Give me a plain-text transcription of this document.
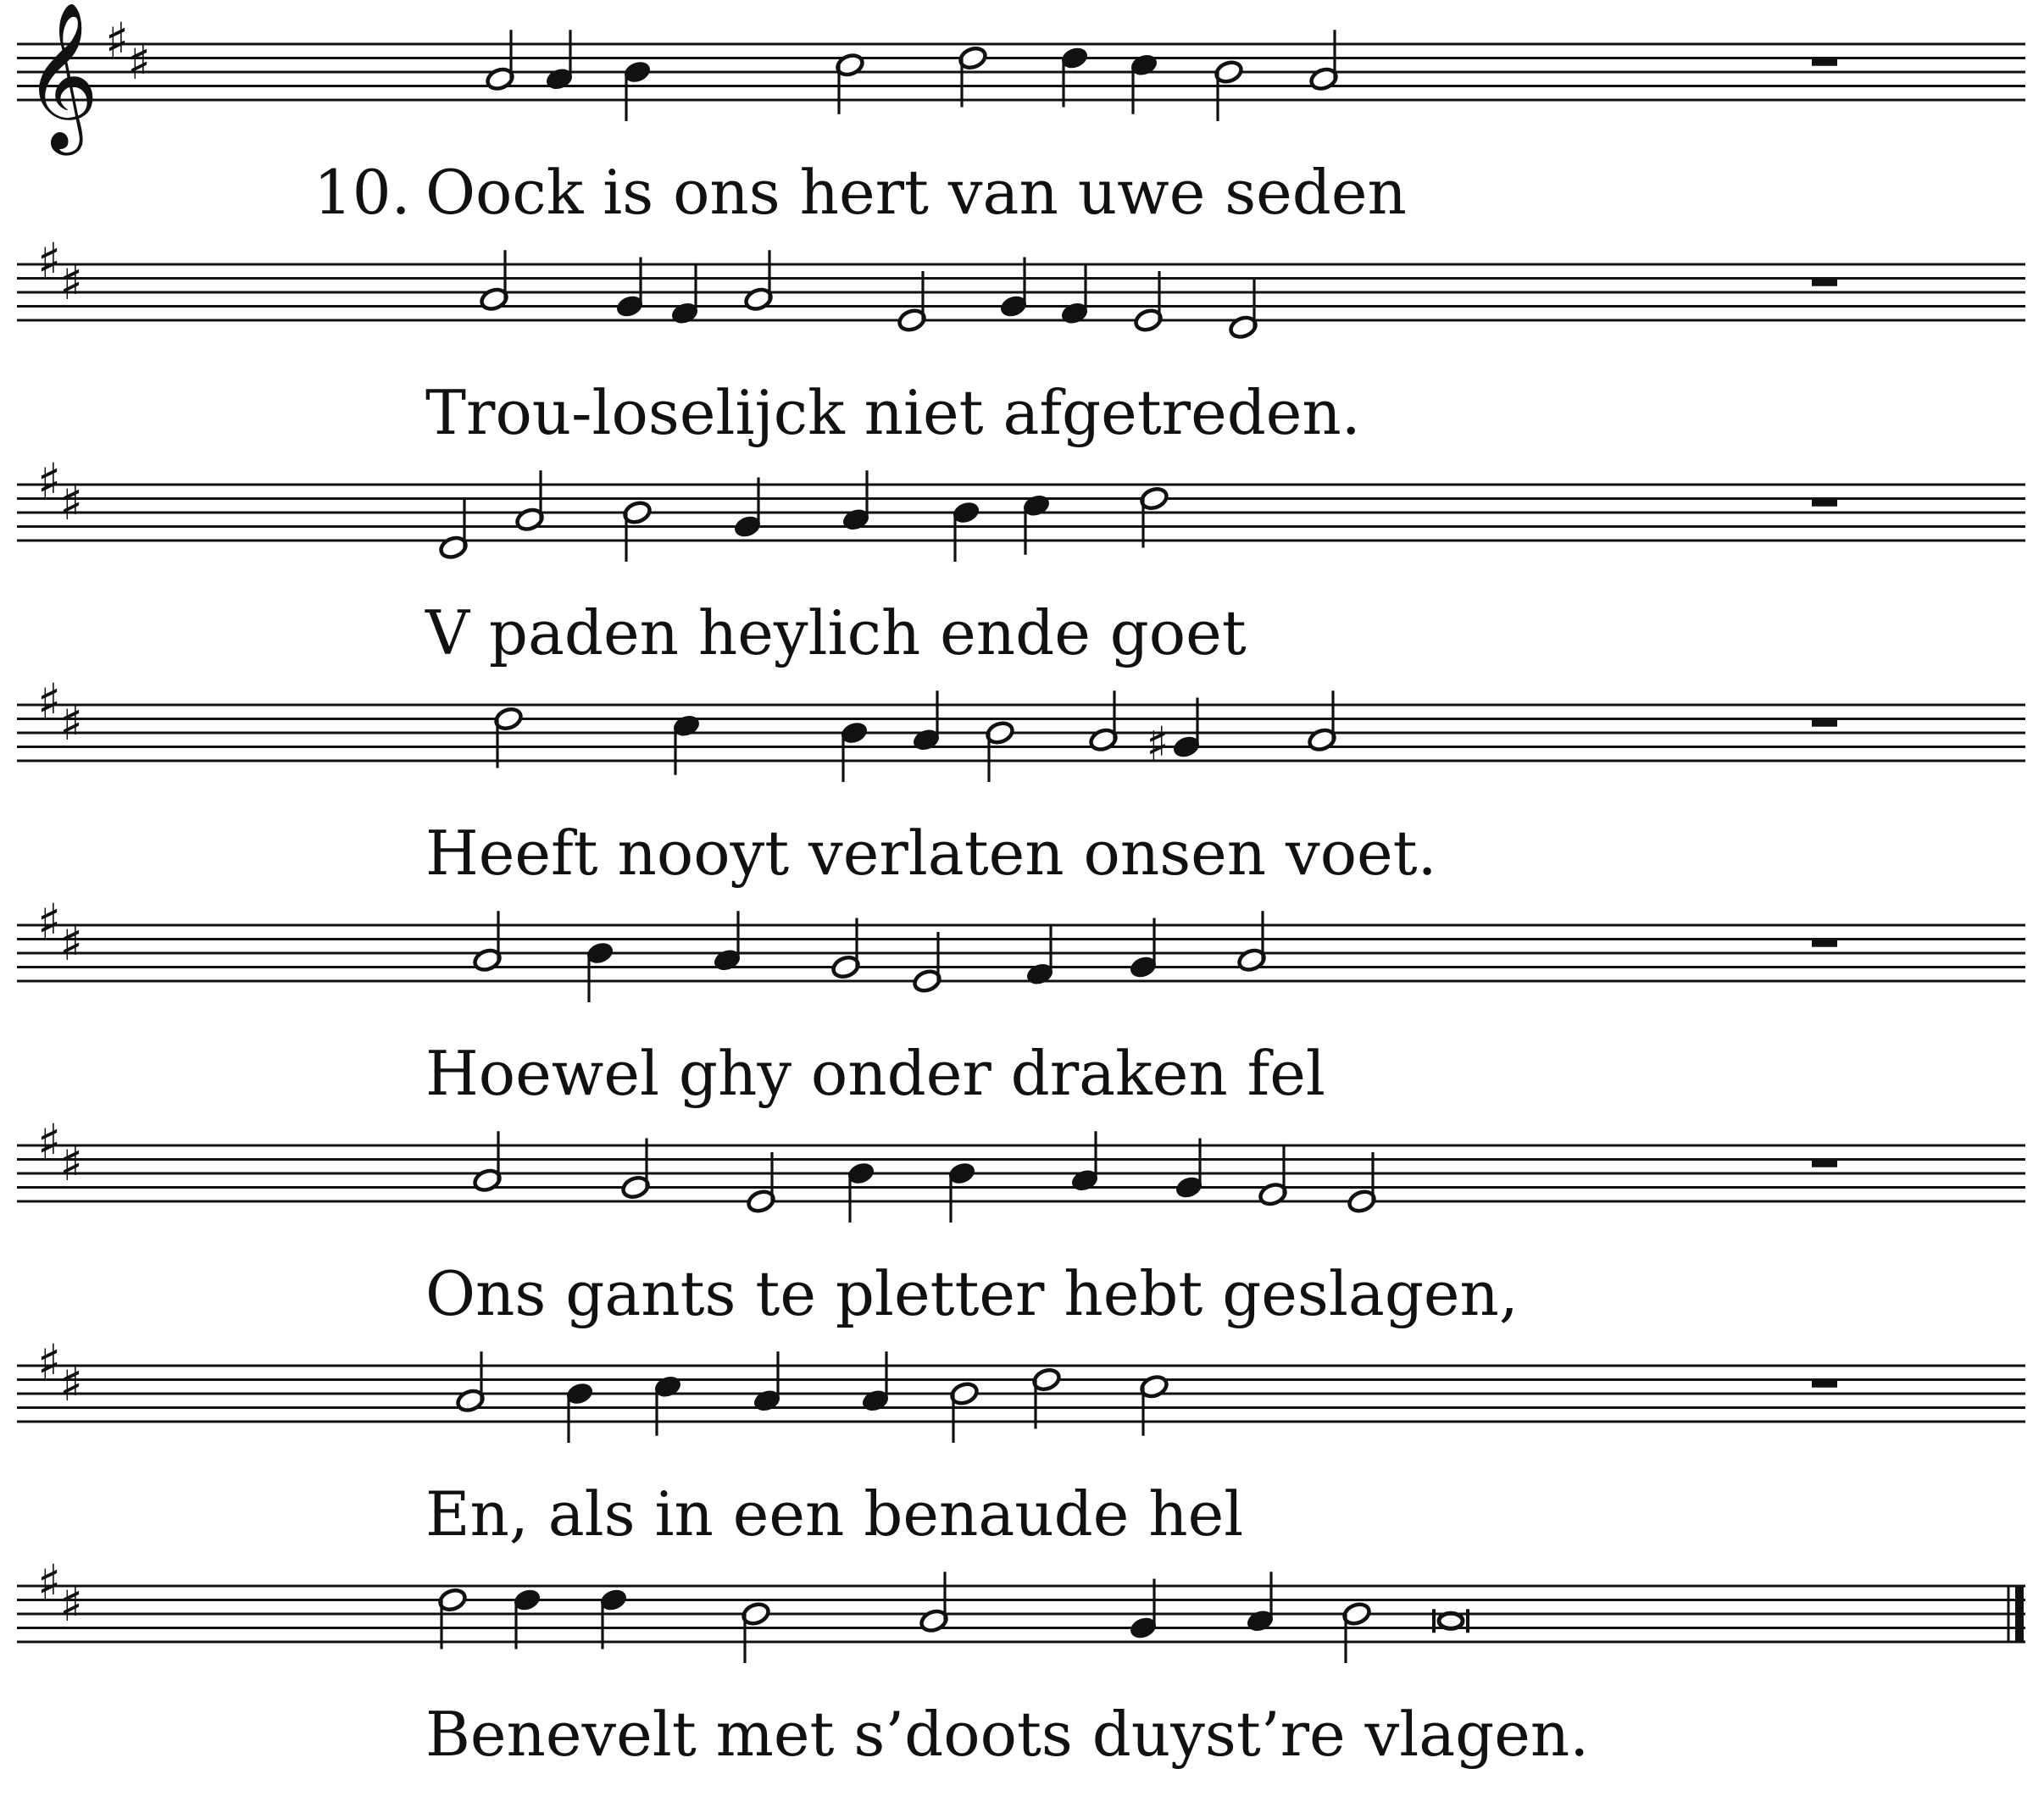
10.
𝄞 ♯
♯
Oock is ons hert van uwe seden
♯
♯
Trou-loselijck niet afgetreden.
♯
♯
V paden heylich ende goet
♯
♯	♯
Heeft nooyt verlaten onsen voet.
♯
♯
Hoewel ghy onder draken fel
♯
♯
Ons gants te pletter hebt geslagen,
♯
♯
En, als in een benaude hel
♯
♯
Benevelt met s’doots duyst’re vlagen.
